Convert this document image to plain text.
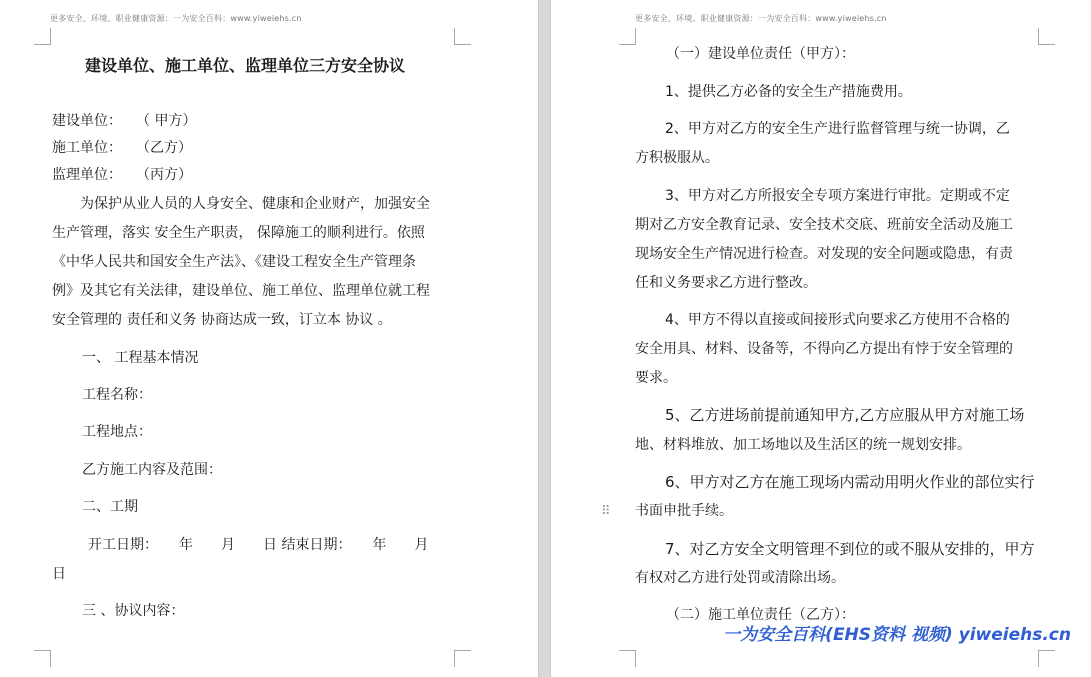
更多安全、环境、职业健康资源：一为安全百科：www.yiweiehs.cn
建设单位、施工单位、监理单位三方安全协议
建设单位：　　（ 甲方）
施工单位：　　（乙方）
监理单位：　　（丙方）
为保护从业人员的人身安全、健康和企业财产，加强安全
生产管理，落实 安全生产职责， 保障施工的顺利进行。依照
《中华人民共和国安全生产法》、《建设工程安全生产管理条
例》及其它有关法律，建设单位、施工单位、监理单位就工程
安全管理的 责任和义务 协商达成一致，订立本 协议 。
一、 工程基本情况
工程名称：
工程地点：
乙方施工内容及范围：
二、工期
开工日期：　　年　　月　　日 结束日期：　　年　　月
日
三 、协议内容：
更多安全、环境、职业健康资源：一为安全百科：www.yiweiehs.cn
（一）建设单位责任（甲方）：
1、提供乙方必备的安全生产措施费用。
2、甲方对乙方的安全生产进行监督管理与统一协调，乙
方积极服从。
3、甲方对乙方所报安全专项方案进行审批。定期或不定
期对乙方安全教育记录、安全技术交底、班前安全活动及施工
现场安全生产情况进行检查。对发现的安全问题或隐患，有责
任和义务要求乙方进行整改。
4、甲方不得以直接或间接形式向要求乙方使用不合格的
安全用具、材料、设备等，不得向乙方提出有悖于安全管理的
要求。
5、乙方进场前提前通知甲方,乙方应服从甲方对施工场
地、材料堆放、加工场地以及生活区的统一规划安排。
6、甲方对乙方在施工现场内需动用明火作业的部位实行
书面申批手续。
7、对乙方安全文明管理不到位的或不服从安排的，甲方
有权对乙方进行处罚或清除出场。
（二）施工单位责任（乙方）：
⠿
一为安全百科(EHS资料 视频) yiweiehs.cn
